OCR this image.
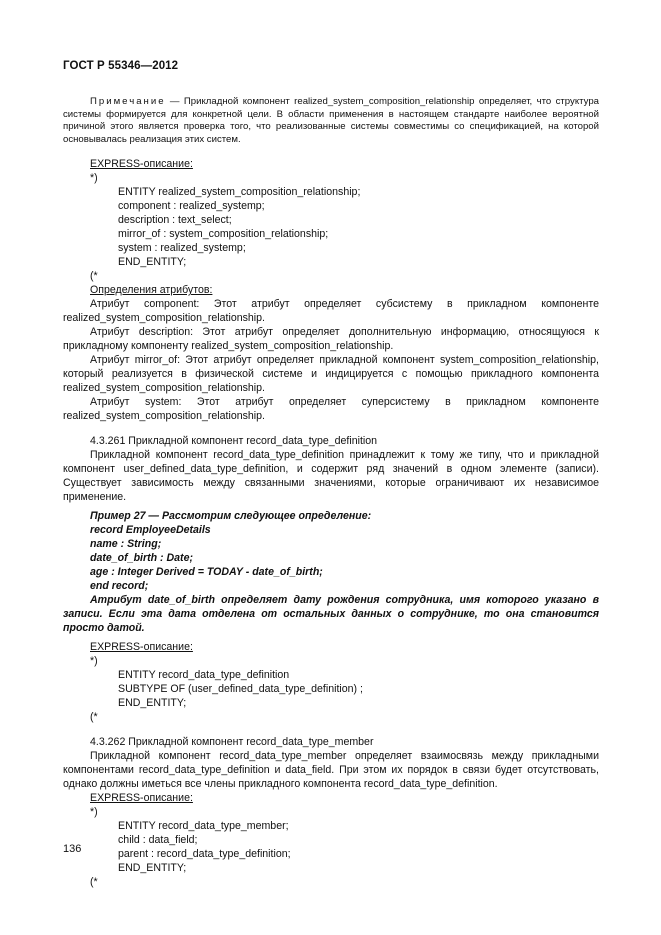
ГОСТ Р 55346—2012

Примечание — Прикладной компонент realized_system_composition_relationship определяет, что структура системы формируется для конкретной цели. В области применения в настоящем стандарте наиболее вероятной причиной этого является проверка того, что реализованные системы совместимы со спецификацией, на которой основывалась реализация этих систем.

EXPRESS-описание:

*)

ENTITY realized_system_composition_relationship;

component : realized_systemp;

description : text_select;

mirror_of : system_composition_relationship;

system : realized_systemp;

END_ENTITY;

(*

Определения атрибутов:

Атрибут component: Этот атрибут определяет субсистему в прикладном компоненте realized_system_composition_relationship.

Атрибут description: Этот атрибут определяет дополнительную информацию, относящуюся к прикладному компоненту realized_system_composition_relationship.

Атрибут mirror_of: Этот атрибут определяет прикладной компонент system_composition_relationship, который реализуется в физической системе и индицируется с помощью прикладного компонента realized_system_composition_relationship.

Атрибут system: Этот атрибут определяет суперсистему в прикладном компоненте realized_system_composition_relationship.

4.3.261 Прикладной компонент record_data_type_definition

Прикладной компонент record_data_type_definition принадлежит к тому же типу, что и прикладной компонент user_defined_data_type_definition, и содержит ряд значений в одном элементе (записи). Существует зависимость между связанными значениями, которые ограничивают их независимое применение.

Пример 27 — Рассмотрим следующее определение:

record EmployeeDetails

name : String;

date_of_birth : Date;

age : Integer Derived = TODAY - date_of_birth;

end record;

Атрибут date_of_birth определяет дату рождения сотрудника, имя которого указано в записи. Если эта дата отделена от остальных данных о сотруднике, то она становится просто датой.

EXPRESS-описание:

*)

ENTITY record_data_type_definition

SUBTYPE OF (user_defined_data_type_definition) ;

END_ENTITY;

(*

4.3.262 Прикладной компонент record_data_type_member

Прикладной компонент record_data_type_member определяет взаимосвязь между прикладными компонентами record_data_type_definition и data_field. При этом их порядок в связи будет отсутствовать, однако должны иметься все члены прикладного компонента record_data_type_definition.

EXPRESS-описание:

*)

ENTITY record_data_type_member;

child : data_field;

parent : record_data_type_definition;

END_ENTITY;

(*

136
